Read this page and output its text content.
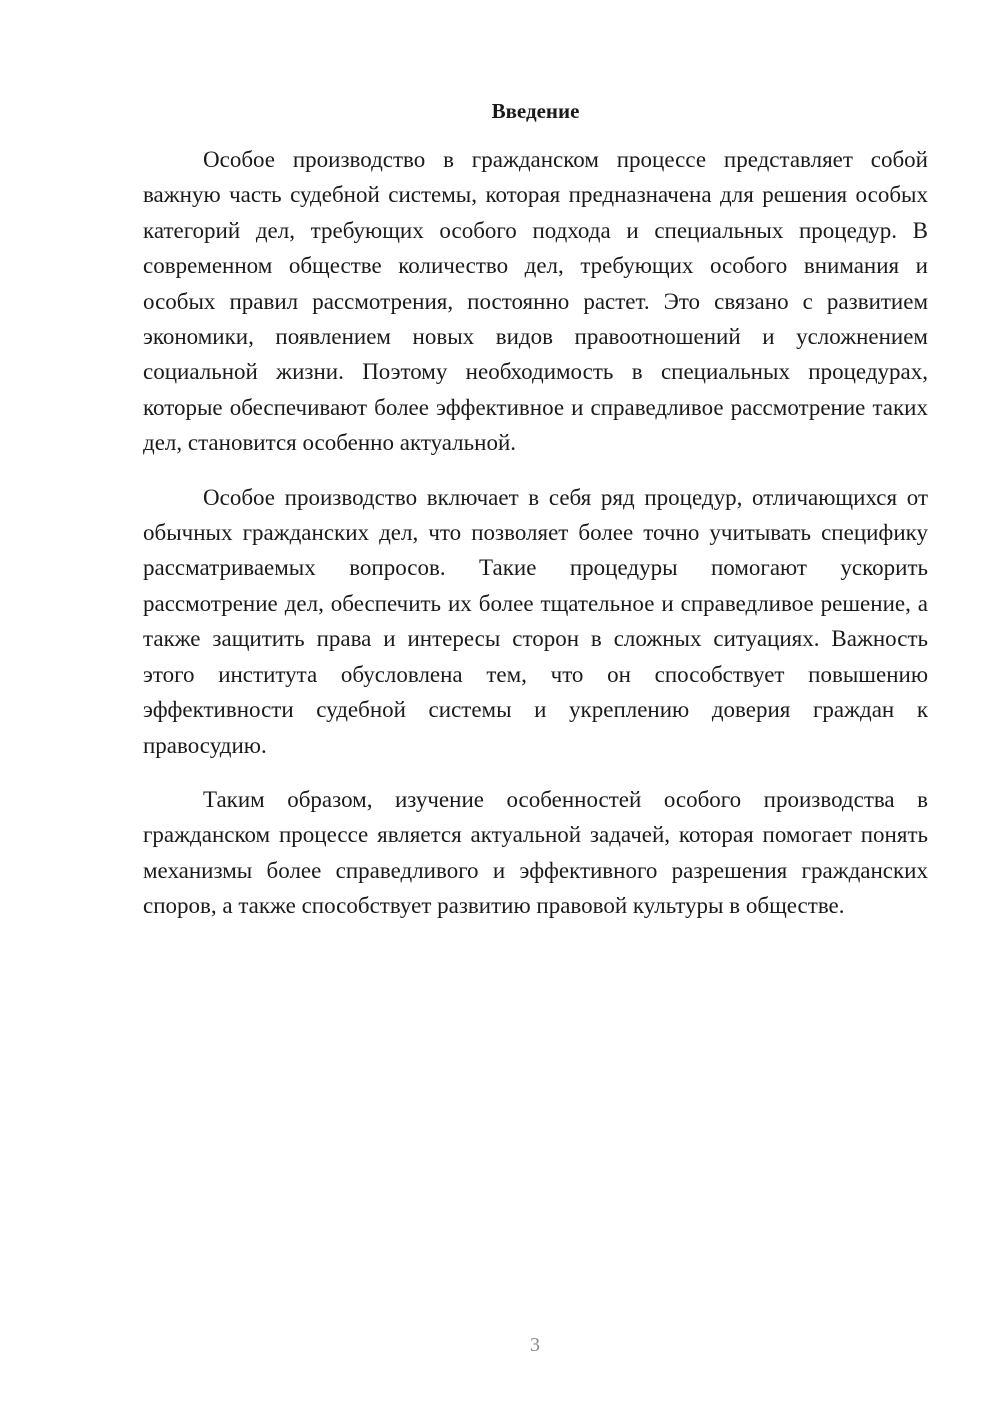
Введение

Особое производство в гражданском процессе представляет собой важную часть судебной системы, которая предназначена для решения особых категорий дел, требующих особого подхода и специальных процедур. В современном обществе количество дел, требующих особого внимания и особых правил рассмотрения, постоянно растет. Это связано с развитием экономики, появлением новых видов правоотношений и усложнением социальной жизни. Поэтому необходимость в специальных процедурах, которые обеспечивают более эффективное и справедливое рассмотрение таких дел, становится особенно актуальной.

Особое производство включает в себя ряд процедур, отличающихся от обычных гражданских дел, что позволяет более точно учитывать специфику рассматриваемых вопросов. Такие процедуры помогают ускорить рассмотрение дел, обеспечить их более тщательное и справедливое решение, а также защитить права и интересы сторон в сложных ситуациях. Важность этого института обусловлена тем, что он способствует повышению эффективности судебной системы и укреплению доверия граждан к правосудию.

Таким образом, изучение особенностей особого производства в гражданском процессе является актуальной задачей, которая помогает понять механизмы более справедливого и эффективного разрешения гражданских споров, а также способствует развитию правовой культуры в обществе.

3
